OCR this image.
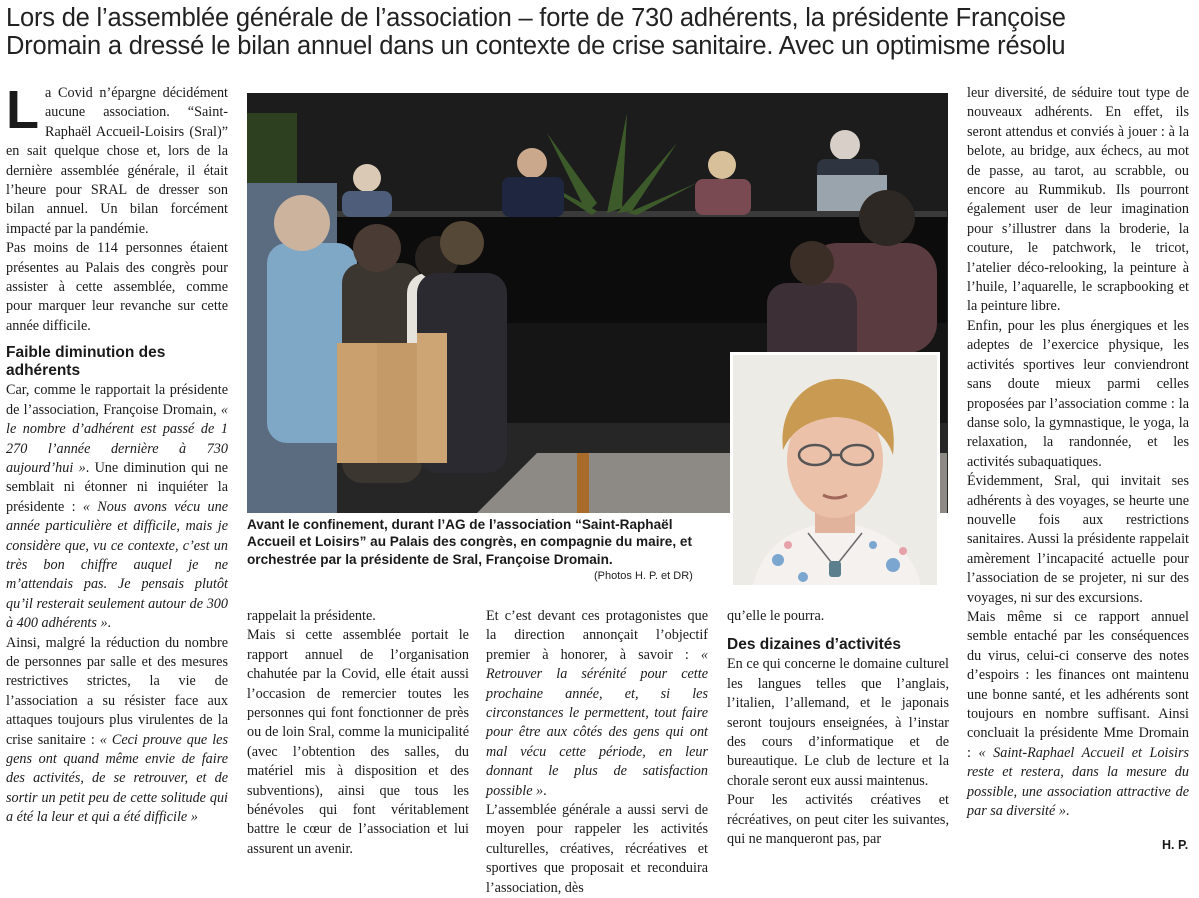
Lors de l’assemblée générale de l’association – forte de 730 adhérents, la présidente Françoise
Dromain a dressé le bilan annuel dans un contexte de crise sanitaire. Avec un optimisme résolu

La Covid n’épargne décidément aucune association. “Saint-Raphaël Accueil-Loisirs (Sral)” en sait quelque chose et, lors de la dernière assemblée générale, il était l’heure pour SRAL de dresser son bilan annuel. Un bilan forcément impacté par la pandémie.

Pas moins de 114 personnes étaient présentes au Palais des congrès pour assister à cette assemblée, comme pour marquer leur revanche sur cette année difficile.

Faible diminution des adhérents

Car, comme le rapportait la présidente de l’association, Françoise Dromain, « le nombre d’adhérent est passé de 1 270 l’année dernière à 730 aujourd’hui ». Une diminution qui ne semblait ni étonner ni inquiéter la présidente : « Nous avons vécu une année particulière et difficile, mais je considère que, vu ce contexte, c’est un très bon chiffre auquel je ne m’attendais pas. Je pensais plutôt qu’il resterait seulement autour de 300 à 400 adhérents ».

Ainsi, malgré la réduction du nombre de personnes par salle et des mesures restrictives strictes, la vie de l’association a su résister face aux attaques toujours plus virulentes de la crise sanitaire : « Ceci prouve que les gens ont quand même envie de faire des activités, de se retrouver, et de sortir un petit peu de cette solitude qui a été la leur et qui a été difficile »

Avant le confinement, durant l’AG de l’association “Saint-Raphaël Accueil et Loisirs” au Palais des congrès, en compagnie du maire, et orchestrée par la présidente de Sral, Françoise Dromain.
(Photos H. P. et DR)

rappelait la présidente.

Mais si cette assemblée portait le rapport annuel de l’organisation chahutée par la Covid, elle était aussi l’occasion de remercier toutes les personnes qui font fonctionner de près ou de loin Sral, comme la municipalité (avec l’obtention des salles, du matériel mis à disposition et des subventions), ainsi que tous les bénévoles qui font véritablement battre le cœur de l’association et lui assurent un avenir.

Et c’est devant ces protagonistes que la direction annonçait l’objectif premier à honorer, à savoir : « Retrouver la sérénité pour cette prochaine année, et, si les circonstances le permettent, tout faire pour être aux côtés des gens qui ont mal vécu cette période, en leur donnant le plus de satisfaction possible ».

L’assemblée générale a aussi servi de moyen pour rappeler les activités culturelles, créatives, récréatives et sportives que proposait et reconduira l’association, dès

qu’elle le pourra.

Des dizaines d’activités

En ce qui concerne le domaine culturel les langues telles que l’anglais, l’italien, l’allemand, et le japonais seront toujours enseignées, à l’instar des cours d’informatique et de bureautique. Le club de lecture et la chorale seront eux aussi maintenus.

Pour les activités créatives et récréatives, on peut citer les suivantes, qui ne manqueront pas, par

leur diversité, de séduire tout type de nouveaux adhérents. En effet, ils seront attendus et conviés à jouer : à la belote, au bridge, aux échecs, au mot de passe, au tarot, au scrabble, ou encore au Rummikub. Ils pourront également user de leur imagination pour s’illustrer dans la broderie, la couture, le patchwork, le tricot, l’atelier déco-relooking, la peinture à l’huile, l’aquarelle, le scrapbooking et la peinture libre.

Enfin, pour les plus énergiques et les adeptes de l’exercice physique, les activités sportives leur conviendront sans doute mieux parmi celles proposées par l’association comme : la danse solo, la gymnastique, le yoga, la relaxation, la randonnée, et les activités subaquatiques.

Évidemment, Sral, qui invitait ses adhérents à des voyages, se heurte une nouvelle fois aux restrictions sanitaires. Aussi la présidente rappelait amèrement l’incapacité actuelle pour l’association de se projeter, ni sur des voyages, ni sur des excursions.

Mais même si ce rapport annuel semble entaché par les conséquences du virus, celui-ci conserve des notes d’espoirs : les finances ont maintenu une bonne santé, et les adhérents sont toujours en nombre suffisant. Ainsi concluait la présidente Mme Dromain : « Saint-Raphael Accueil et Loisirs reste et restera, dans la mesure du possible, une association attractive de par sa diversité ».

H. P.
